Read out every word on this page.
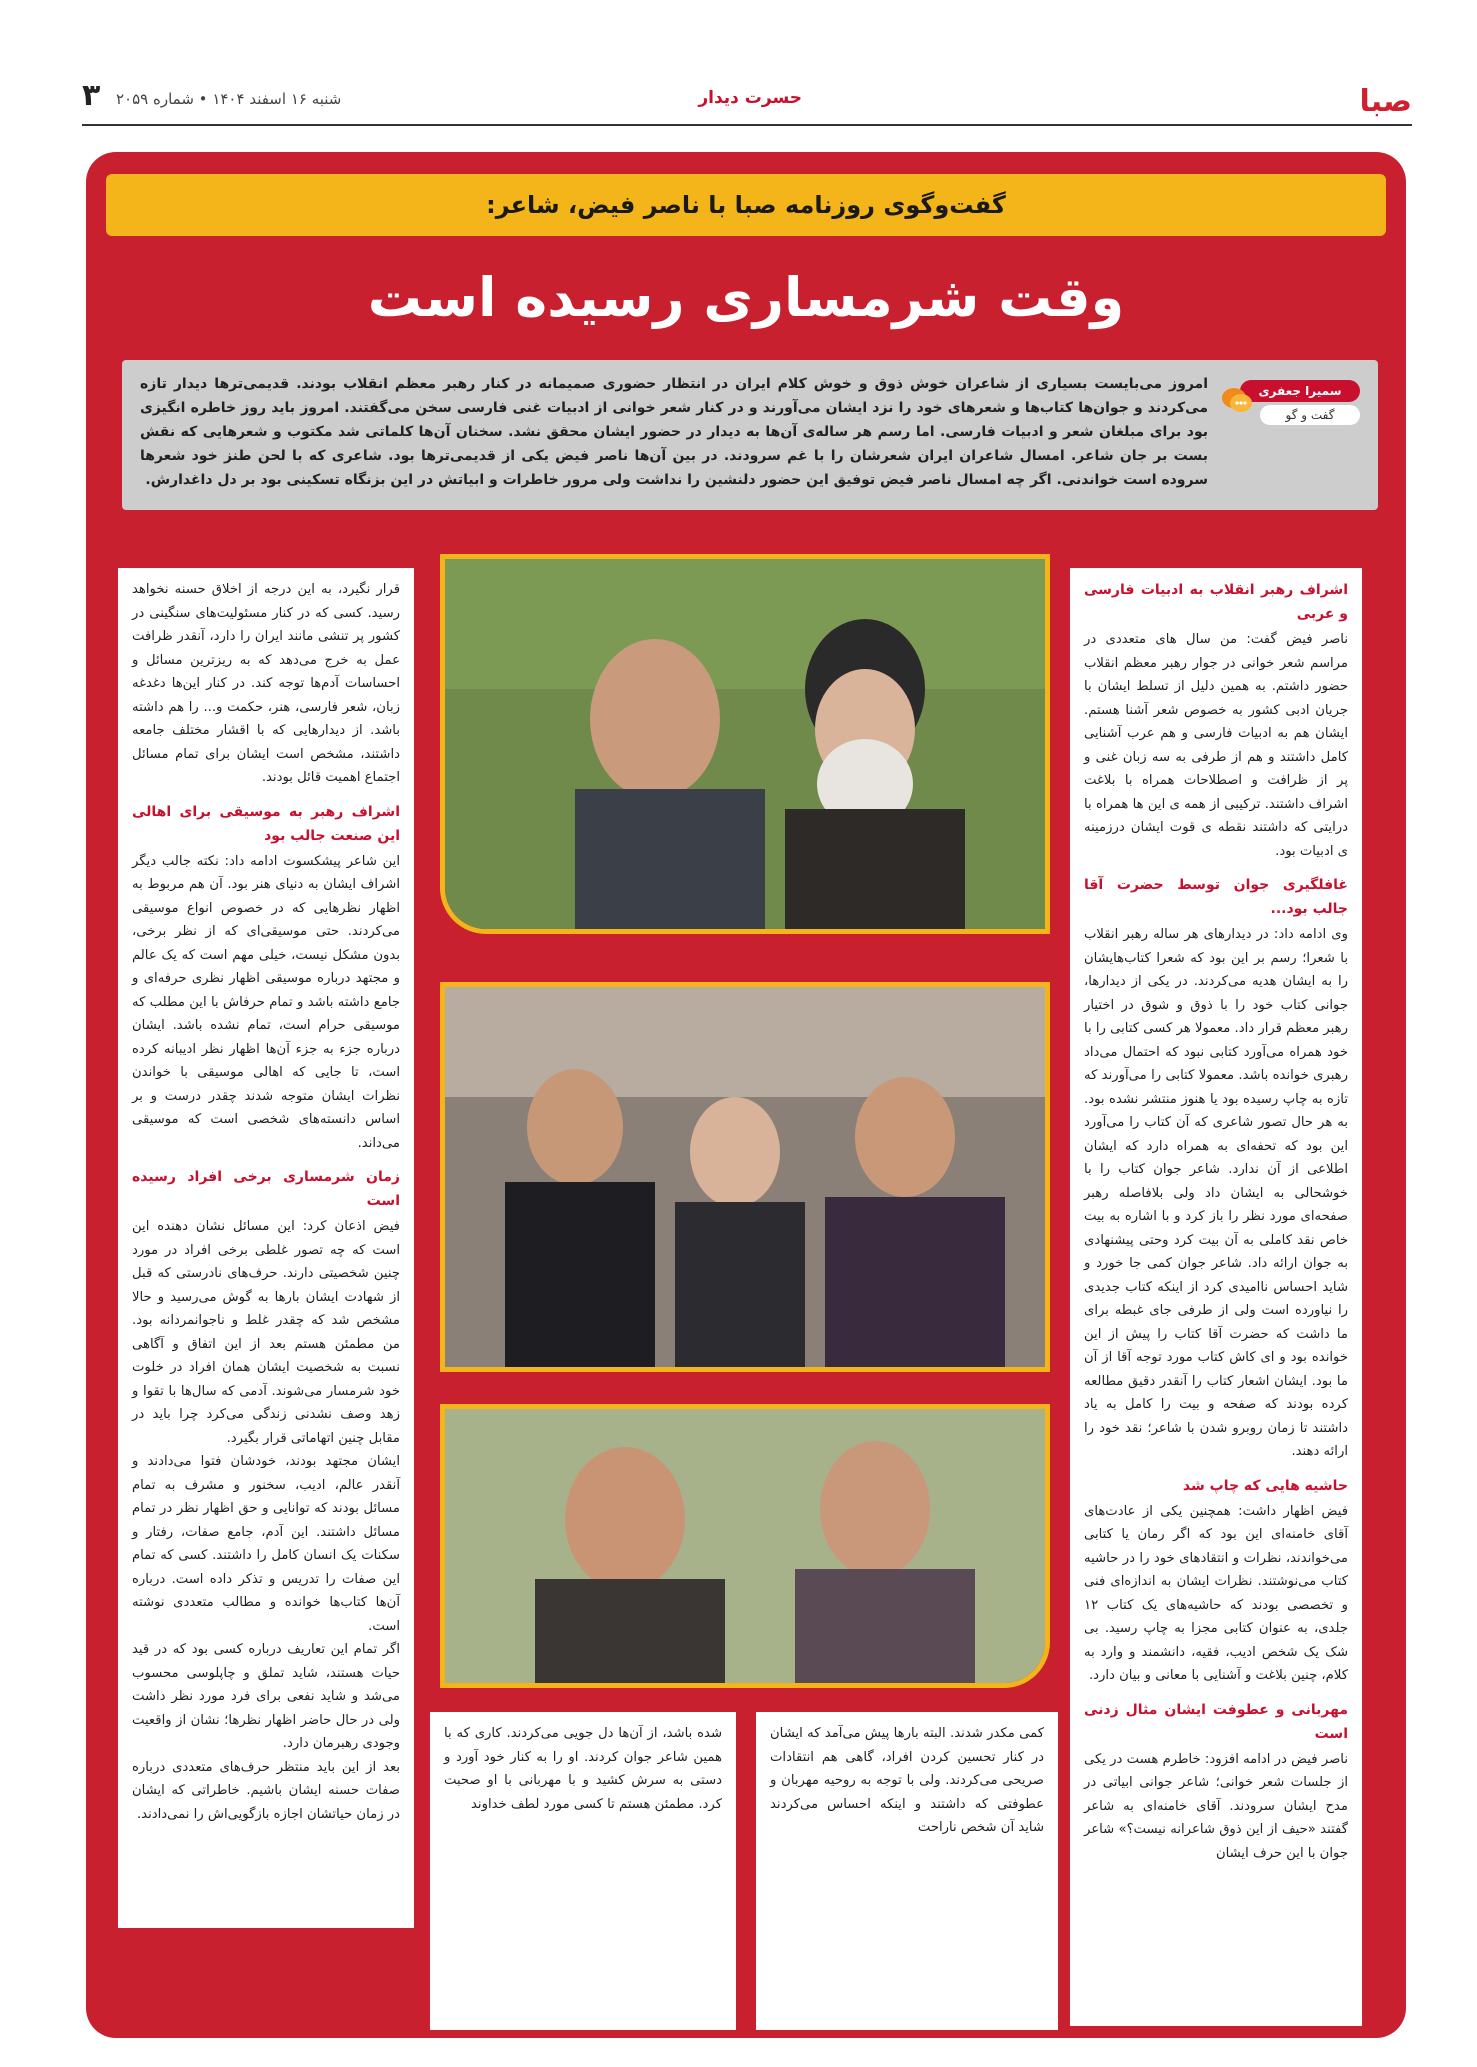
صبا
حسرت دیدار
شنبه ۱۶ اسفند ۱۴۰۴ • شماره ۲۰۵۹
۳
گفت‌وگوی روزنامه صبا با ناصر فیض، شاعر:
وقت شرمساری رسیده است
سمیرا جعفری
گفت و گو
امروز می‌بایست بسیاری از شاعران خوش ذوق و خوش کلام ایران در انتظار حضوری صمیمانه در کنار رهبر معظم انقلاب بودند. قدیمی‌ترها دیدار تازه می‌کردند و جوان‌ها کتاب‌ها و شعرهای خود را نزد ایشان می‌آورند و در کنار شعر خوانی از ادبیات غنی فارسی سخن می‌گفتند. امروز باید روز خاطره انگیزی بود برای مبلغان شعر و ادبیات فارسی. اما رسم هر ساله‌ی آن‌ها به دیدار در حضور ایشان محقق نشد. سخنان آن‌ها کلماتی شد مکتوب و شعرهایی که نقش بست بر جان شاعر. امسال شاعران ایران شعرشان را با غم سرودند. در بین آن‌ها ناصر فیض یکی از قدیمی‌ترها بود. شاعری که با لحن طنز خود شعرها سروده است خواندنی. اگر چه امسال ناصر فیض توفیق این حضور دلنشین را نداشت ولی مرور خاطرات و ابیاتش در این بزنگاه تسکینی بود بر دل داغدارش.
اشراف رهبر انقلاب به ادبیات فارسی و عربی

ناصر فیض گفت: من سال های متعددی در مراسم شعر خوانی در جوار رهبر معظم انقلاب حضور داشتم. به همین دلیل از تسلط ایشان با جریان ادبی کشور به خصوص شعر آشنا هستم. ایشان هم به ادبیات فارسی و هم عرب آشنایی کامل داشتند و هم از طرفی به سه زبان غنی و پر از ظرافت و اصطلاحات همراه با بلاغت اشراف داشتند. ترکیبی از همه ی این ها همراه با درایتی که داشتند نقطه ی قوت ایشان درزمینه ی ادبیات بود.

غافلگیری جوان توسط حضرت آقا جالب بود...

وی ادامه داد: در دیدارهای هر ساله رهبر انقلاب با شعرا؛ رسم بر این بود که شعرا کتاب‌هایشان را به ایشان هدیه می‌کردند. در یکی از دیدارها، جوانی کتاب خود را با ذوق و شوق در اختیار رهبر معظم قرار داد. معمولا هر کسی کتابی را با خود همراه می‌آورد کتابی نبود که احتمال می‌داد رهبری خوانده باشد. معمولا کتابی را می‌آورند که تازه به چاپ رسیده بود یا هنوز منتشر نشده بود. به هر حال تصور شاعری که آن کتاب را می‌آورد این بود که تحفه‌ای به همراه دارد که ایشان اطلاعی از آن ندارد. شاعر جوان کتاب را با خوشحالی به ایشان داد ولی بلافاصله رهبر صفحه‌ای مورد نظر را باز کرد و با اشاره به بیت خاص نقد کاملی به آن بیت کرد وحتی پیشنهادی به جوان ارائه داد. شاعر جوان کمی جا خورد و شاید احساس ناامیدی کرد از اینکه کتاب جدیدی را نیاورده است ولی از طرفی جای غبطه برای ما داشت که حضرت آقا کتاب را پیش از این خوانده بود و ای کاش کتاب مورد توجه آقا از آن ما بود. ایشان اشعار کتاب را آنقدر دقیق مطالعه کرده بودند که صفحه و بیت را کامل به یاد داشتند تا زمان روبرو شدن با شاعر؛ نقد خود را ارائه دهند.

حاشیه هایی که چاپ شد

فیض اظهار داشت: همچنین یکی از عادت‌های آقای خامنه‌ای این بود که اگر رمان یا کتابی می‌خواندند، نظرات و انتقادهای خود را در حاشیه کتاب می‌نوشتند. نظرات ایشان به اندازه‌ای فنی و تخصصی بودند که حاشیه‌های یک کتاب ۱۲ جلدی، به عنوان کتابی مجزا به چاپ رسید. بی شک یک شخص ادیب، فقیه، دانشمند و وارد به کلام، چنین بلاغت و آشنایی با معانی و بیان دارد.

مهربانی و عطوفت ایشان مثال زدنی است

ناصر فیض در ادامه افزود: خاطرم هست در یکی از جلسات شعر خوانی؛ شاعر جوانی ابیاتی در مدح ایشان سرودند. آقای خامنه‌ای به شاعر گفتند «حیف از این ذوق شاعرانه نیست؟» شاعر جوان با این حرف ایشان

کمی مکدر شدند. البته بارها پیش می‌آمد که ایشان در کنار تحسین کردن افراد، گاهی هم انتقادات صریحی می‌کردند. ولی با توجه به روحیه مهربان و عطوفتی که داشتند و اینکه احساس می‌کردند شاید آن شخص ناراحت

شده باشد، از آن‌ها دل جویی می‌کردند. کاری که با همین شاعر جوان کردند. او را به کنار خود آورد و دستی به سرش کشید و با مهربانی با او صحبت کرد. مطمئن هستم تا کسی مورد لطف خداوند

قرار نگیرد، به این درجه از اخلاق حسنه نخواهد رسید. کسی که در کنار مسئولیت‌های سنگینی در کشور پر تنشی مانند ایران را دارد، آنقدر ظرافت عمل به خرج می‌دهد که به ریزترین مسائل و احساسات آدم‌ها توجه کند. در کنار این‌ها دغدغه زبان، شعر فارسی، هنر، حکمت و... را هم داشته باشد. از دیدارهایی که با اقشار مختلف جامعه داشتند، مشخص است ایشان برای تمام مسائل اجتماع اهمیت قائل بودند.

اشراف رهبر به موسیقی برای اهالی این صنعت جالب بود

این شاعر پیشکسوت ادامه داد: نکته جالب دیگر اشراف ایشان به دنیای هنر بود. آن هم مربوط به اظهار نظرهایی که در خصوص انواع موسیقی می‌کردند. حتی موسیقی‌ای که از نظر برخی، بدون مشکل نیست، خیلی مهم است که یک عالم و مجتهد درباره موسیقی اظهار نظری حرفه‌ای و جامع داشته باشد و تمام حرفاش با این مطلب که موسیقی حرام است، تمام نشده باشد. ایشان درباره جزء به جزء آن‌ها اظهار نظر ادیبانه کرده است، تا جایی که اهالی موسیقی با خواندن نظرات ایشان متوجه شدند چقدر درست و بر اساس دانسته‌های شخصی است که موسیقی می‌داند.

زمان شرمساری برخی افراد رسیده است

فیض اذعان کرد: این مسائل نشان دهنده این است که چه تصور غلطی برخی افراد در مورد چنین شخصیتی دارند. حرف‌های نادرستی که قبل از شهادت ایشان بارها به گوش می‌رسید و حالا مشخص شد که چقدر غلط و ناجوانمردانه بود. من مطمئن هستم بعد از این اتفاق و آگاهی نسبت به شخصیت ایشان همان افراد در خلوت خود شرمسار می‌شوند. آدمی که سال‌ها با تقوا و زهد وصف نشدنی زندگی می‌کرد چرا باید در مقابل چنین اتهاماتی قرار بگیرد.

ایشان مجتهد بودند، خودشان فتوا می‌دادند و آنقدر عالم، ادیب، سخنور و مشرف به تمام مسائل بودند که توانایی و حق اظهار نظر در تمام مسائل داشتند. این آدم، جامع صفات، رفتار و سکنات یک انسان کامل را داشتند. کسی که تمام این صفات را تدریس و تذکر داده است. درباره آن‌ها کتاب‌ها خوانده و مطالب متعددی نوشته است.

اگر تمام این تعاریف درباره کسی بود که در قید حیات هستند، شاید تملق و چاپلوسی محسوب می‌شد و شاید نفعی برای فرد مورد نظر داشت ولی در حال حاضر اظهار نظرها؛ نشان از واقعیت وجودی رهبرمان دارد.

بعد از این باید منتظر حرف‌های متعددی درباره صفات حسنه ایشان باشیم. خاطراتی که ایشان در زمان حیاتشان اجازه بازگویی‌اش را نمی‌دادند.
